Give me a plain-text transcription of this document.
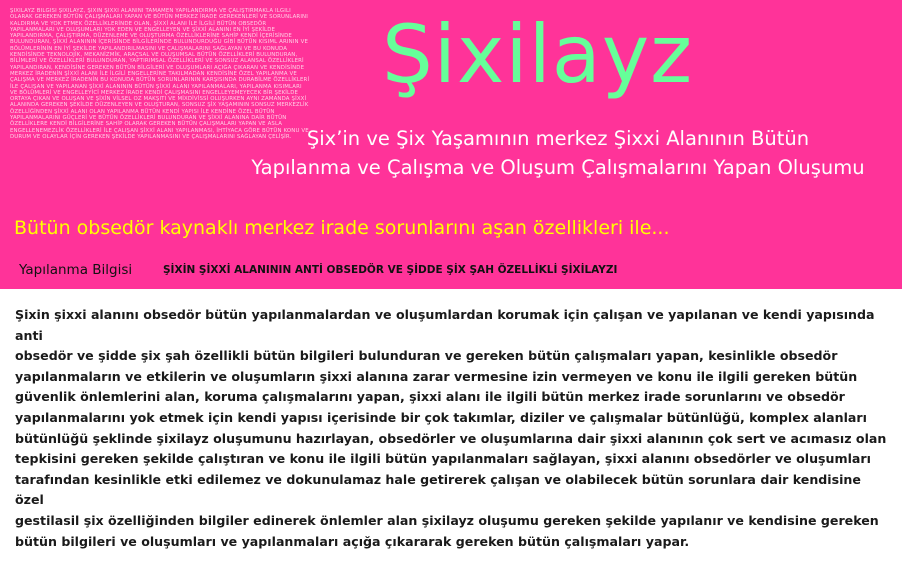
ŞİXİLAYZ BİLGİSİ ŞİXİLAYZ, ŞİXİN ŞİXXİ ALANINI TAMAMEN YAPILANDIRMA VE ÇALIŞTIRMAKLA İLGİLİ OLARAK GEREKEN BÜTÜN ÇALIŞMALARI YAPAN VE BÜTÜN MERKEZ İRADE GEREKENLERİ VE SORUNLARINI KALDIRMA VE YOK ETMEK ÖZELLİKLERİNDE OLAN, ŞİXXİ ALANI İLE İLGİLİ BÜTÜN OBSEDÖR YAPILANMALARI VE OLUŞUMLARI YOK EDEN VE ENGELLEYEN VE ŞİXXİ ALANINI EN İYİ ŞEKİLDE YAPILANDIRMA, ÇALIŞTIRMA, DÜZENLEME VE OLUŞTURMA ÖZELLİKLERİNE SAHİP KENDİ İÇERİSİNDE BULUNDURAN, ŞİXXİ ALANININ İÇERİSİNDE BİLGİLERİNDE BULUNDURDUĞU GİBİ BÜTÜN KISIML ARININ VE BÖLÜMLERİNİN EN İYİ ŞEKİLDE YAPILANDIRILMASINI VE ÇALIŞMALARINI SAĞLAYAN VE BU KONUDA KENDİSİNDE TEKNOLOJİK, MEKANİZMİK, ARAÇSAL VE OLUŞUMSAL BÜTÜN ÖZELLİKLERİ BULUNDURAN, BİLİMLERİ VE ÖZELLİKLERİ BULUNDURAN, YAPTIRIMSAL ÖZELLİKLERİ VE SONSUZ ALANSAL ÖZELLİKLERİ YAPILANDIRAN, KENDİSİNE GEREKEN BÜTÜN BİLGİLERİ VE OLUŞUMLARI AÇIĞA ÇIKARAN VE KENDİSİNDE MERKEZ İRADENİN ŞİXXİ ALANI İLE İLGİLİ ENGELLERİNE TAKILMADAN KENDİSİNE ÖZEL YAPILANMA VE ÇALIŞMA VE MERKEZ İRADENİN BU KONUDA BÜTÜN SORUNLARININ KARŞISINDA DURABİLME ÖZELLİKLERİ İLE ÇALIŞAN VE YAPILANAN ŞİXXİ ALANININ BÜTÜN ŞİXXİ ALANI YAPILANMALARI, YAPILANMA KISIMLARI VE BÖLÜMLERİ VE ENGELLEYİCİ MERKEZ İRADE KENDİ ÇALIŞMASINI ENGELLEYEMEYECEK BİR ŞEKİLDE ORTAYA ÇIKAN VE OLUŞAN VE ŞİXİN VİLSEL OZ MAKŞITI VE MİXDİVİSSİ OLUŞURKEN AYNI ZAMANDA ŞİXXİ ALANINDA GEREKEN ŞEKİLDE DÜZENLEYEN VE OLUŞTURAN, SONSUZ ŞİX YAŞAMININ SONSUZ MERKEZLİK ÖZELLİĞİNDEN ŞİXXİ ALANI OLAN YAPILANMA BÜTÜN KENDİ YAPISI İLE KENDİNE ÖZEL BÜTÜN YAPILANMALARINI GÜÇLERİ VE BÜTÜN ÖZELLİKLERİ BULUNDURAN VE ŞİXXİ ALANINA DAİR BÜTÜN ÖZELLİKLERE KENDİ BİLGİLERİNE SAHİP OLARAK GEREKEN BÜTÜN ÇALIŞMALARI YAPAN VE ASLA ENGELLENEMEZLİK ÖZELLİKLERİ İLE ÇALIŞAN ŞİXXİ ALANI YAPILANMASI, İHTİYACA GÖRE BÜTÜN KONU VE DURUM VE OLAYLAR İÇİN GEREKEN ŞEKİLDE YAPILANMASINI VE ÇALIŞMALARINI SAĞLAYAN ÇELİŞİR.
Şixilayz
Şix’in ve Şix Yaşamının merkez Şixxi Alanının Bütün
Yapılanma ve Çalışma ve Oluşum Çalışmalarını Yapan Oluşumu
Bütün obsedör kaynaklı merkez irade sorunlarını aşan özellikleri ile...
Yapılanma Bilgisi	ŞİXİN ŞİXXİ ALANININ ANTİ OBSEDÖR VE ŞİDDE ŞİX ŞAH ÖZELLİKLİ ŞİXİLAYZI

Şixin şixxi alanını obsedör bütün yapılanmalardan ve oluşumlardan korumak için çalışan ve yapılanan ve kendi yapısında anti
obsedör ve şidde şix şah özellikli bütün bilgileri bulunduran ve gereken bütün çalışmaları yapan, kesinlikle obsedör
yapılanmaların ve etkilerin ve oluşumların şixxi alanına zarar vermesine izin vermeyen ve konu ile ilgili gereken bütün
güvenlik önlemlerini alan, koruma çalışmalarını yapan, şixxi alanı ile ilgili bütün merkez irade sorunlarını ve obsedör
yapılanmalarını yok etmek için kendi yapısı içerisinde bir çok takımlar, diziler ve çalışmalar bütünlüğü, komplex alanları
bütünlüğü şeklinde şixilayz oluşumunu hazırlayan, obsedörler ve oluşumlarına dair şixxi alanının çok sert ve acımasız olan
tepkisini gereken şekilde çalıştıran ve konu ile ilgili bütün yapılanmaları sağlayan, şixxi alanını obsedörler ve oluşumları
tarafından kesinlikle etki edilemez ve dokunulamaz hale getirerek çalışan ve olabilecek bütün sorunlara dair kendisine özel
gestilasil şix özelliğinden bilgiler edinerek önlemler alan şixilayz oluşumu gereken şekilde yapılanır ve kendisine gereken
bütün bilgileri ve oluşumları ve yapılanmaları açığa çıkararak gereken bütün çalışmaları yapar.
